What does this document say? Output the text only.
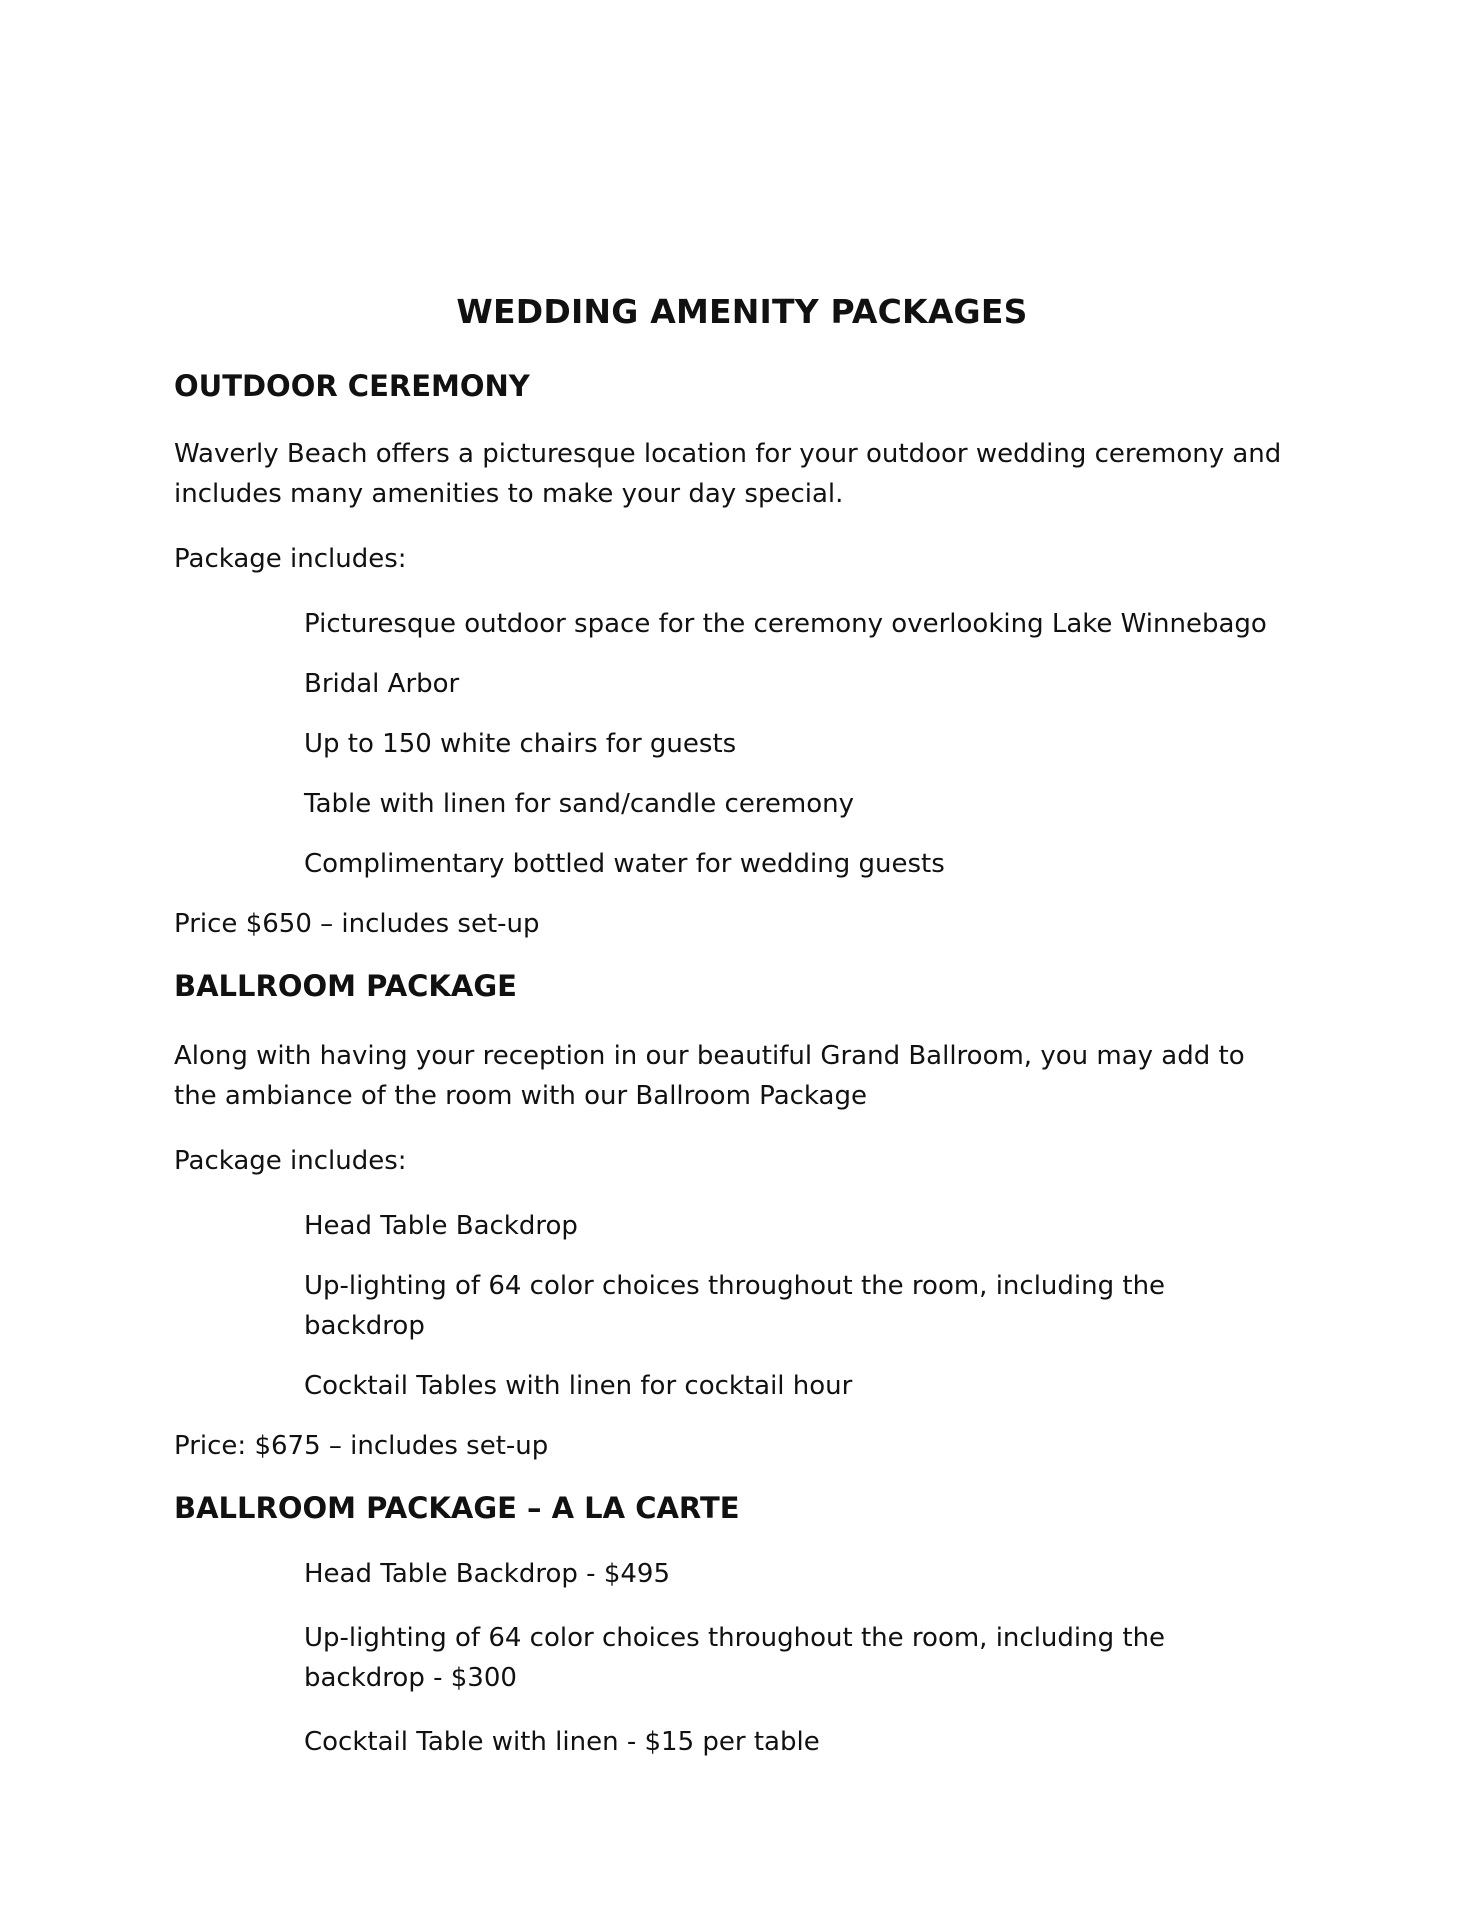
WEDDING AMENITY PACKAGES
OUTDOOR CEREMONY

Waverly Beach offers a picturesque location for your outdoor wedding ceremony and includes many amenities to make your day special.

Package includes:

Picturesque outdoor space for the ceremony overlooking Lake Winnebago
Bridal Arbor
Up to 150 white chairs for guests
Table with linen for sand/candle ceremony
Complimentary bottled water for wedding guests

Price $650 – includes set-up

BALLROOM PACKAGE

Along with having your reception in our beautiful Grand Ballroom, you may add to the ambiance of the room with our Ballroom Package

Package includes:

Head Table Backdrop
Up-lighting of 64 color choices throughout the room, including the backdrop
Cocktail Tables with linen for cocktail hour

Price: $675 – includes set-up

BALLROOM PACKAGE – A LA CARTE
Head Table Backdrop - $495
Up-lighting of 64 color choices throughout the room, including the backdrop - $300
Cocktail Table with linen - $15 per table
